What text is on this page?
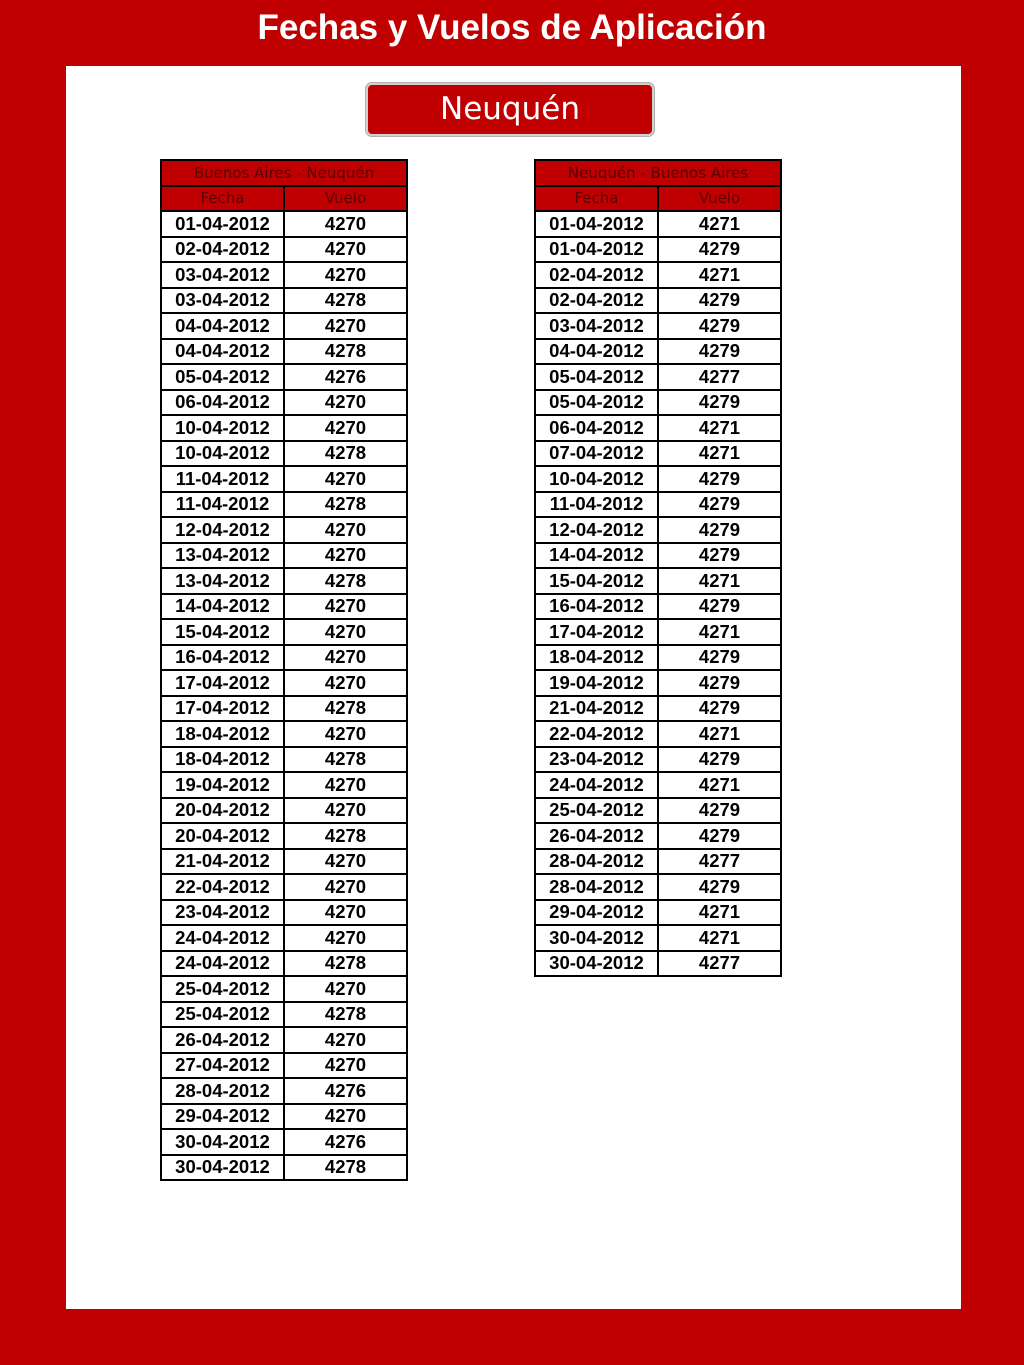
Fechas y Vuelos de Aplicación
Neuquén
Buenos Aires - Neuquén	
Fecha	Vuelo
01-04-2012	4270
02-04-2012	4270
03-04-2012	4270
03-04-2012	4278
04-04-2012	4270
04-04-2012	4278
05-04-2012	4276
06-04-2012	4270
10-04-2012	4270
10-04-2012	4278
11-04-2012	4270
11-04-2012	4278
12-04-2012	4270
13-04-2012	4270
13-04-2012	4278
14-04-2012	4270
15-04-2012	4270
16-04-2012	4270
17-04-2012	4270
17-04-2012	4278
18-04-2012	4270
18-04-2012	4278
19-04-2012	4270
20-04-2012	4270
20-04-2012	4278
21-04-2012	4270
22-04-2012	4270
23-04-2012	4270
24-04-2012	4270
24-04-2012	4278
25-04-2012	4270
25-04-2012	4278
26-04-2012	4270
27-04-2012	4270
28-04-2012	4276
29-04-2012	4270
30-04-2012	4276
30-04-2012	4278
Neuquén - Buenos Aires	
Fecha	Vuelo
01-04-2012	4271
01-04-2012	4279
02-04-2012	4271
02-04-2012	4279
03-04-2012	4279
04-04-2012	4279
05-04-2012	4277
05-04-2012	4279
06-04-2012	4271
07-04-2012	4271
10-04-2012	4279
11-04-2012	4279
12-04-2012	4279
14-04-2012	4279
15-04-2012	4271
16-04-2012	4279
17-04-2012	4271
18-04-2012	4279
19-04-2012	4279
21-04-2012	4279
22-04-2012	4271
23-04-2012	4279
24-04-2012	4271
25-04-2012	4279
26-04-2012	4279
28-04-2012	4277
28-04-2012	4279
29-04-2012	4271
30-04-2012	4271
30-04-2012	4277
